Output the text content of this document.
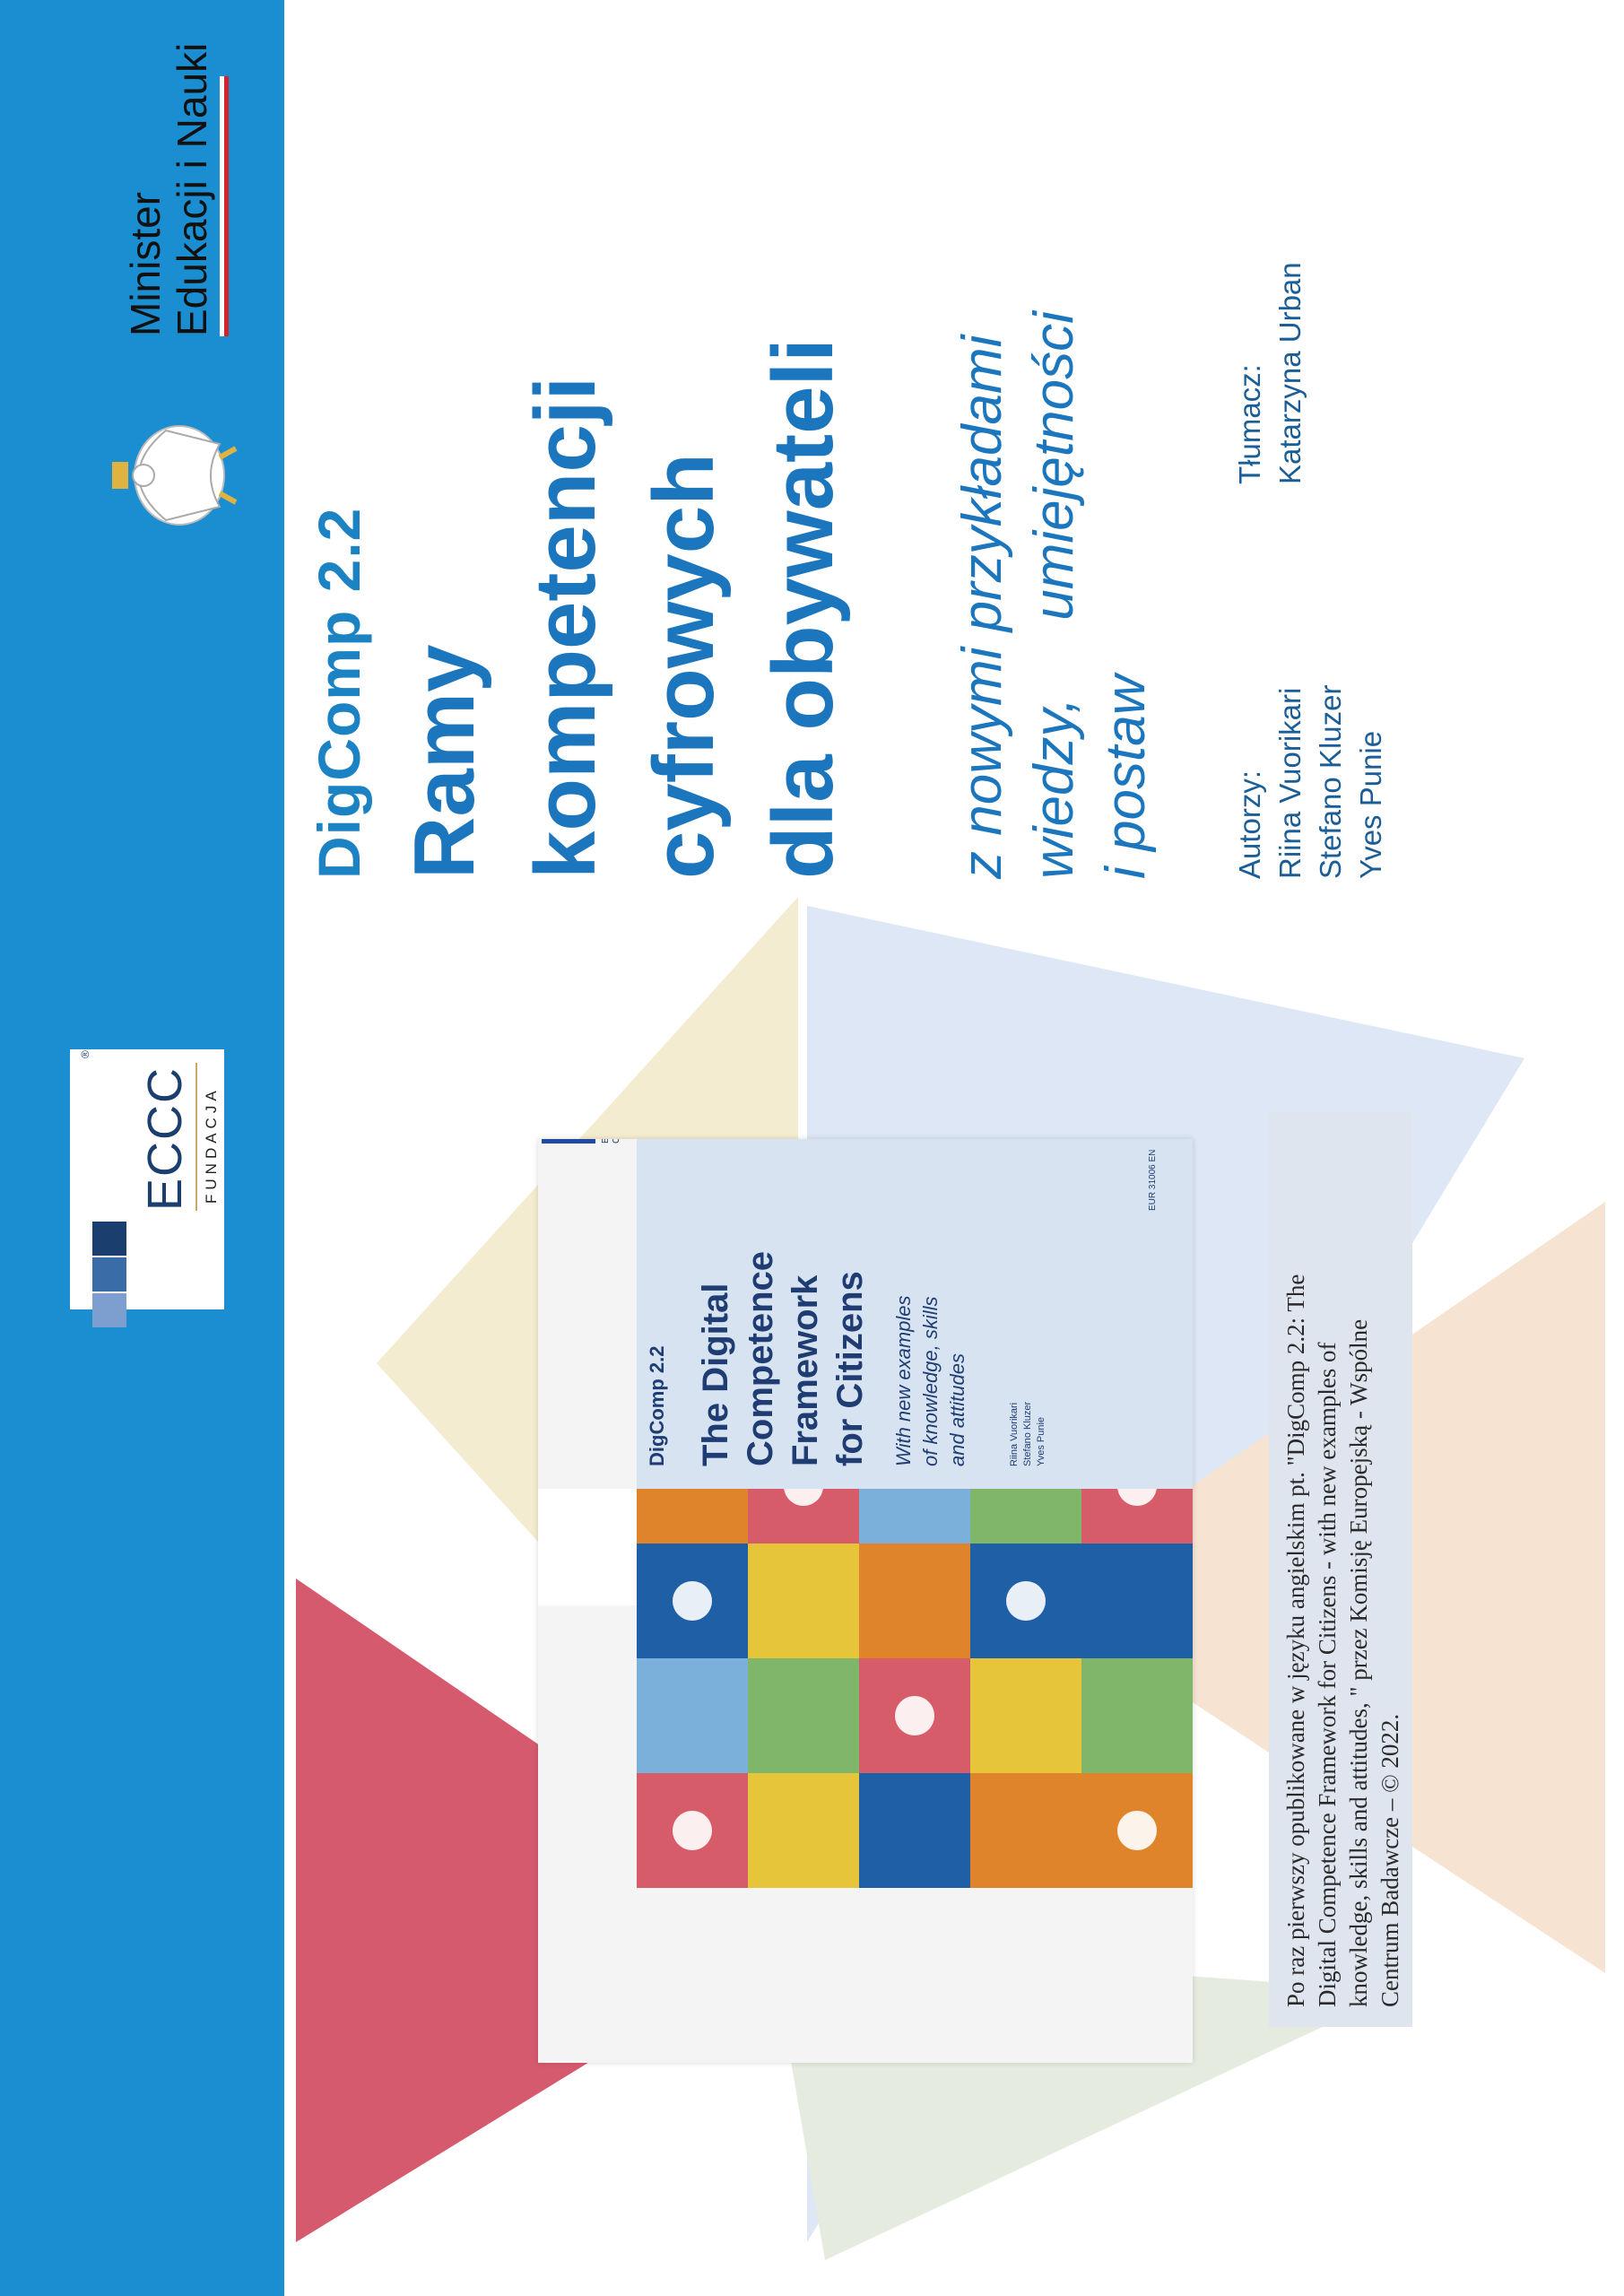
ECCC FUNDACJA
®
Minister Edukacji i Nauki
DigComp 2.2 Ramy kompetencji cyfrowych dla obywateli z nowymi przykładami wiedzy,     umiejętności i postaw	Autorzy: Riina Vuorikari Stefano Kluzer Yves Punie
Tłumacz: Katarzyna Urban
European Commission
DigComp 2.2 The Digital Competence Framework for Citizens With new examples of knowledge, skills and attitudes	Riina Vuorikari Stefano Kluzer Yves Punie
EUR 31006 EN
Po raz pierwszy opublikowane w języku angielskim pt. "DigComp 2.2: The Digital Competence Framework for Citizens - with new examples of knowledge, skills and attitudes, " przez Komisję Europejską - Wspólne Centrum Badawcze – © 2022.
